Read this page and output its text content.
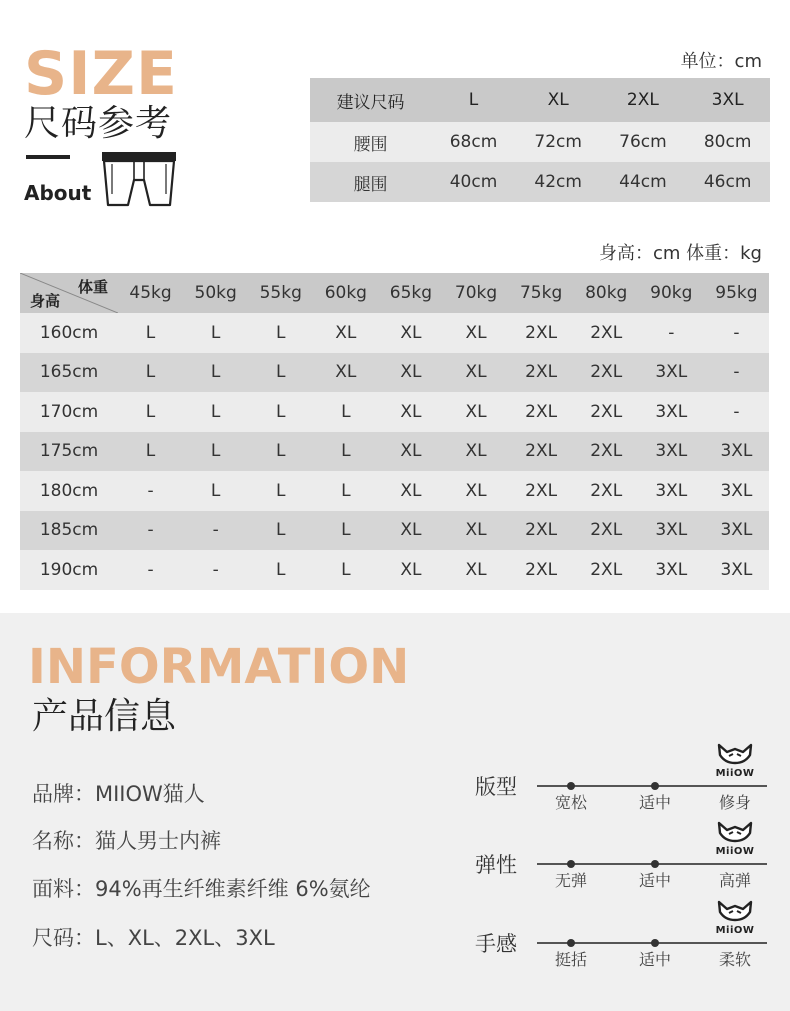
SIZE
尺码参考
About
单位：cm
建议尺码	L	XL	2XL	3XL
腰围	68cm	72cm	76cm	80cm
腿围	40cm	42cm	44cm	46cm
身高：cm 体重：kg
体重
身高	45kg	50kg	55kg	60kg	65kg	70kg	75kg	80kg	90kg	95kg
160cm	L	L	L	XL	XL	XL	2XL	2XL	-	-
165cm	L	L	L	XL	XL	XL	2XL	2XL	3XL	-
170cm	L	L	L	L	XL	XL	2XL	2XL	3XL	-
175cm	L	L	L	L	XL	XL	2XL	2XL	3XL	3XL
180cm	-	L	L	L	XL	XL	2XL	2XL	3XL	3XL
185cm	-	-	L	L	XL	XL	2XL	2XL	3XL	3XL
190cm	-	-	L	L	XL	XL	2XL	2XL	3XL	3XL
INFORMATION
产品信息
品牌：MIIOW猫人
名称：猫人男士内裤
面料：94%再生纤维素纤维 6%氨纶
尺码：L、XL、2XL、3XL
版型
宽松	适中	修身
MiiOW
弹性
无弹	适中	高弹
MiiOW
手感
挺括	适中	柔软
MiiOW
